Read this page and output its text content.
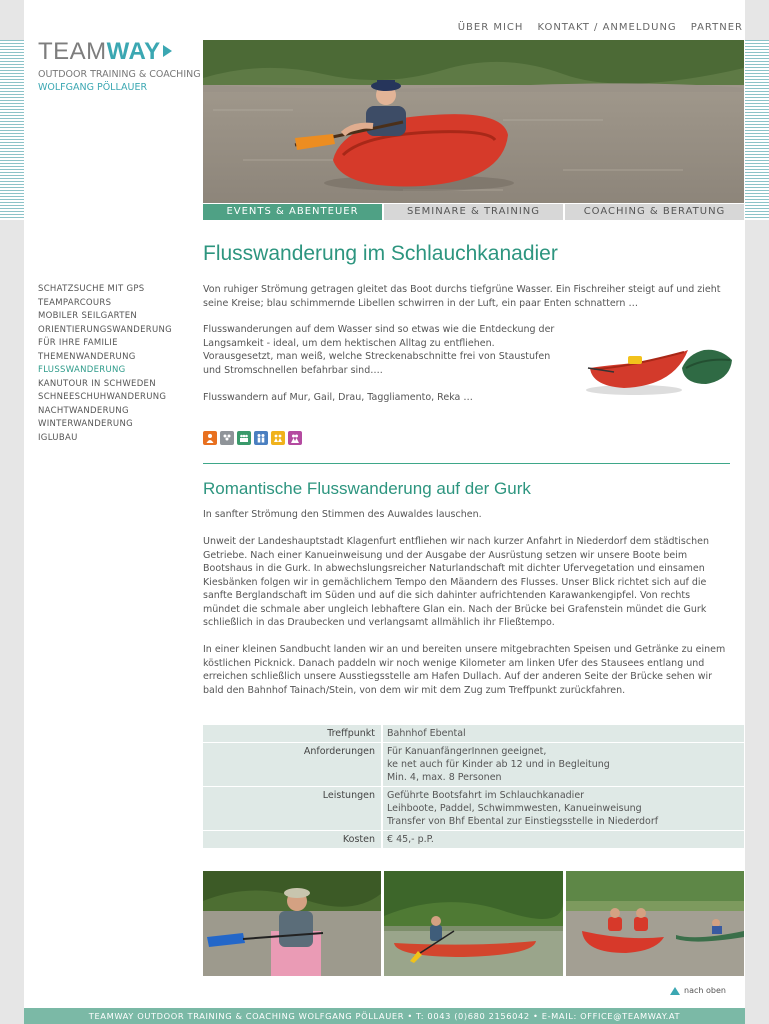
ÜBER MICH KONTAKT / ANMELDUNG PARTNER
TEAMWAY
OUTDOOR TRAINING & COACHING
WOLFGANG PÖLLAUER
EVENTS & ABENTEUER	SEMINARE & TRAINING	COACHING & BERATUNG
SCHATZSUCHE MIT GPS
TEAMPARCOURS
MOBILER SEILGARTEN
ORIENTIERUNGSWANDERUNG
FÜR IHRE FAMILIE
THEMENWANDERUNG
FLUSSWANDERUNG
KANUTOUR IN SCHWEDEN
SCHNEESCHUHWANDERUNG
NACHTWANDERUNG
WINTERWANDERUNG
IGLUBAU
Flusswanderung im Schlauchkanadier

Von ruhiger Strömung getragen gleitet das Boot durchs tiefgrüne Wasser. Ein Fischreiher steigt auf und zieht seine Kreise; blau schimmernde Libellen schwirren in der Luft, ein paar Enten schnattern …

Flusswanderungen auf dem Wasser sind so etwas wie die Entdeckung der Langsamkeit - ideal, um dem hektischen Alltag zu entfliehen. Vorausgesetzt, man weiß, welche Streckenabschnitte frei von Staustufen und Stromschnellen befahrbar sind….

Flusswandern auf Mur, Gail, Drau, Taggliamento, Reka …

Romantische Flusswanderung auf der Gurk

In sanfter Strömung den Stimmen des Auwaldes lauschen.

Unweit der Landeshauptstadt Klagenfurt entfliehen wir nach kurzer Anfahrt in Niederdorf dem städtischen Getriebe. Nach einer Kanueinweisung und der Ausgabe der Ausrüstung setzen wir unsere Boote beim Bootshaus in die Gurk. In abwechslungsreicher Naturlandschaft mit dichter Ufervegetation und einsamen Kiesbänken folgen wir in gemächlichem Tempo den Mäandern des Flusses. Unser Blick richtet sich auf die sanfte Berglandschaft im Süden und auf die sich dahinter aufrichtenden Karawankengipfel. Von rechts mündet die schmale aber ungleich lebhaftere Glan ein. Nach der Brücke bei Grafenstein mündet die Gurk schließlich in das Draubecken und verlangsamt allmählich ihr Fließtempo.

In einer kleinen Sandbucht landen wir an und bereiten unsere mitgebrachten Speisen und Getränke zu einem köstlichen Picknick. Danach paddeln wir noch wenige Kilometer am linken Ufer des Stausees entlang und erreichen schließlich unsere Ausstiegsstelle am Hafen Dullach. Auf der anderen Seite der Brücke sehen wir bald den Bahnhof Tainach/Stein, von dem wir mit dem Zug zum Treffpunkt zurückfahren.

Treffpunkt	Bahnhof Ebental
Anforderungen	Für KanuanfängerInnen geeignet,
ke net auch für Kinder ab 12 und in Begleitung
Min. 4, max. 8 Personen

Leistungen	Geführte Bootsfahrt im Schlauchkanadier
Leihboote, Paddel, Schwimmwesten, Kanueinweisung
Transfer von Bhf Ebental zur Einstiegsstelle in Niederdorf

Kosten	€ 45,- p.P.
nach oben
TEAMWAY OUTDOOR TRAINING & COACHING WOLFGANG PÖLLAUER • T: 0043 (0)680 2156042 • E-MAIL: OFFICE@TEAMWAY.AT
